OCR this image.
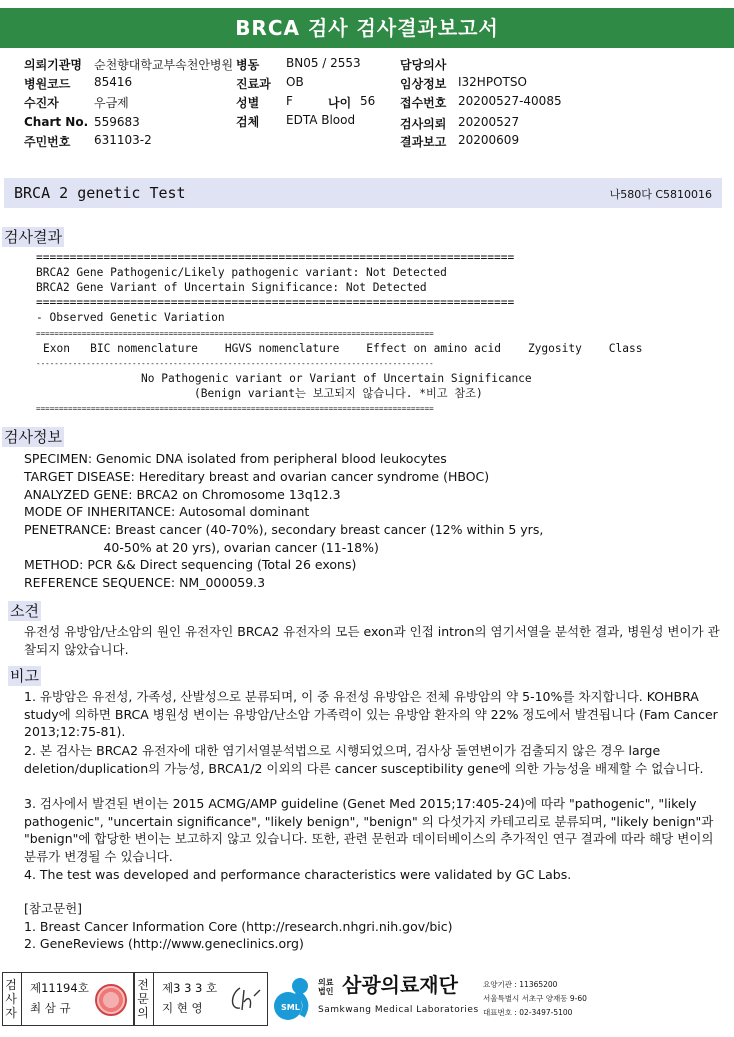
BRCA 검사 검사결과보고서
의뢰기관명 순천향대학교부속천안병원 병동 BN05 / 2553	담당의사
병원코드 85416	진료과 OB	임상정보 I32HPOTSO
수진자	우금제	성별 F	나이 56 접수번호 20200527-40085
Chart No. 559683	검체 EDTA Blood	검사의뢰 20200527
주민번호 631103-2	결과보고 20200609
BRCA 2 genetic Test	나580다 C5810016
검사결과
=======================================================================
BRCA2 Gene Pathogenic/Likely pathogenic variant: Not Detected
BRCA2 Gene Variant of Uncertain Significance: Not Detected
=======================================================================
- Observed Genetic Variation
=======================================================================================
Exon   BIC nomenclature    HGVS nomenclature    Effect on amino acid    Zygosity    Class
---------------------------------------------------------------------------------------
No Pathogenic variant or Variant of Uncertain Significance
(Benign variant는 보고되지 않습니다. *비고 참조)
=======================================================================================
검사정보
SPECIMEN: Genomic DNA isolated from peripheral blood leukocytes
TARGET DISEASE: Hereditary breast and ovarian cancer syndrome (HBOC)
ANALYZED GENE: BRCA2 on Chromosome 13q12.3
MODE OF INHERITANCE: Autosomal dominant
PENETRANCE: Breast cancer (40-70%), secondary breast cancer (12% within 5 yrs,
40-50% at 20 yrs), ovarian cancer (11-18%)
METHOD: PCR && Direct sequencing (Total 26 exons)
REFERENCE SEQUENCE: NM_000059.3
소견
유전성 유방암/난소암의 원인 유전자인 BRCA2 유전자의 모든 exon과 인접 intron의 염기서열을 분석한 결과, 병원성 변이가 관찰되지 않았습니다.
비고
1. 유방암은 유전성, 가족성, 산발성으로 분류되며, 이 중 유전성 유방암은 전체 유방암의 약 5-10%를 차지합니다. KOHBRA study에 의하면 BRCA 병원성 변이는 유방암/난소암 가족력이 있는 유방암 환자의 약 22% 정도에서 발견됩니다 (Fam Cancer 2013;12:75-81).
2. 본 검사는 BRCA2 유전자에 대한 염기서열분석법으로 시행되었으며, 검사상 돌연변이가 검출되지 않은 경우 large deletion/duplication의 가능성, BRCA1/2 이외의 다른 cancer susceptibility gene에 의한 가능성을 배제할 수 없습니다.
3. 검사에서 발견된 변이는 2015 ACMG/AMP guideline (Genet Med 2015;17:405-24)에 따라 "pathogenic", "likely pathogenic", "uncertain significance", "likely benign", "benign" 의 다섯가지 카테고리로 분류되며, "likely benign"과 "benign"에 합당한 변이는 보고하지 않고 있습니다. 또한, 관련 문헌과 데이터베이스의 추가적인 연구 결과에 따라 해당 변이의 분류가 변경될 수 있습니다.
4. The test was developed and performance characteristics were validated by GC Labs.
[참고문헌]
1. Breast Cancer Information Core (http://research.nhgri.nih.gov/bic)
2. GeneReviews (http://www.geneclinics.org)
검사자
제11194호
최 삼 규
전문의
제3 3 3 호
지 현 영	SML
의료법인 삼광의료재단
Samkwang Medical Laboratories
요양기관 : 11365200
서울특별시 서초구 양재동 9-60
대표번호 : 02-3497-5100
